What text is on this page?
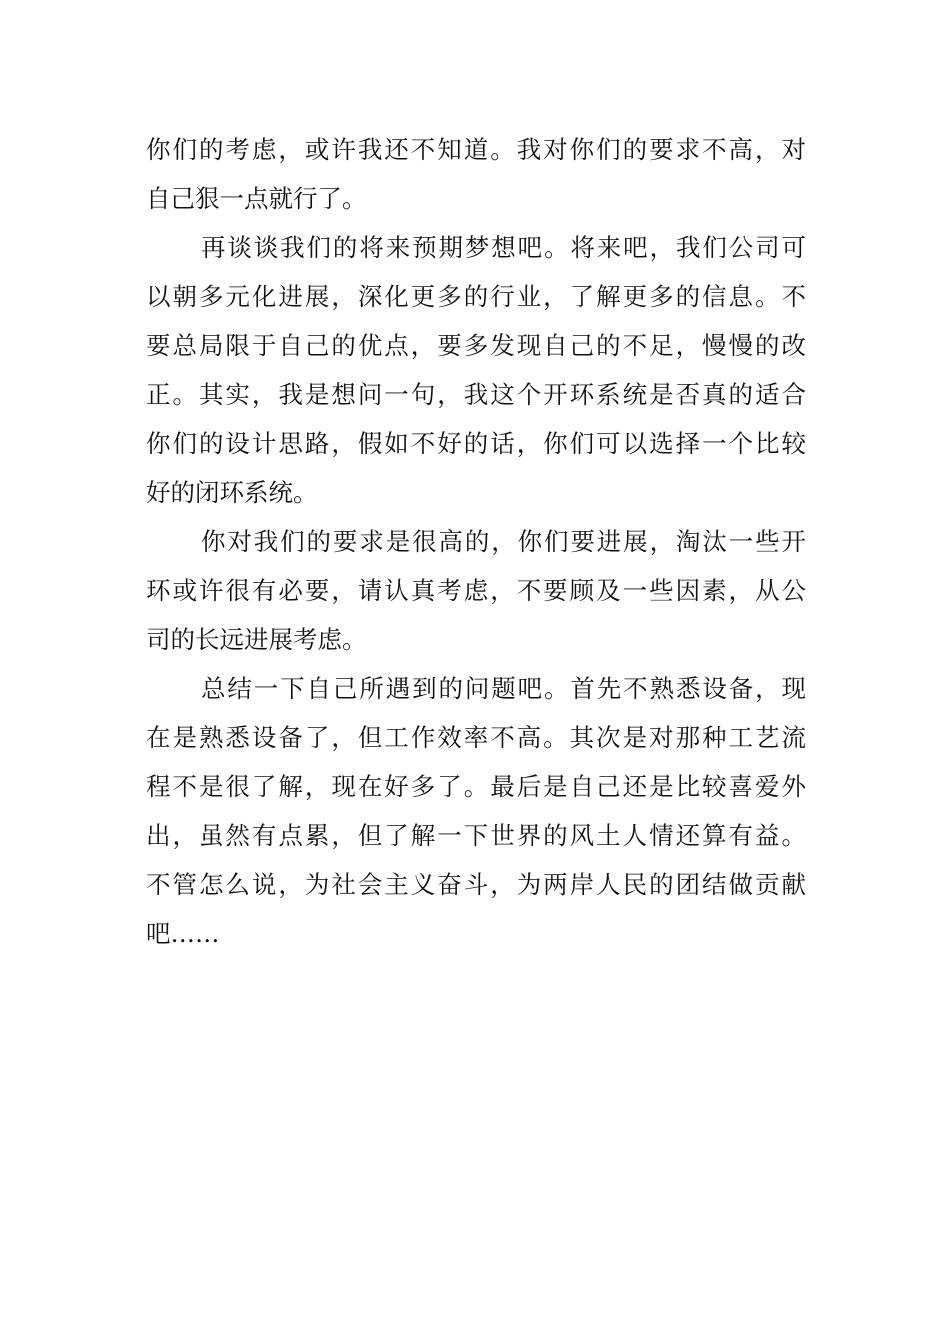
你们的考虑，或许我还不知道。我对你们的要求不高，对
自己狠一点就行了。
再谈谈我们的将来预期梦想吧。将来吧，我们公司可
以朝多元化进展，深化更多的行业，了解更多的信息。不
要总局限于自己的优点，要多发现自己的不足，慢慢的改
正。其实，我是想问一句，我这个开环系统是否真的适合
你们的设计思路，假如不好的话，你们可以选择一个比较
好的闭环系统。
你对我们的要求是很高的，你们要进展，淘汰一些开
环或许很有必要，请认真考虑，不要顾及一些因素，从公
司的长远进展考虑。
总结一下自己所遇到的问题吧。首先不熟悉设备，现
在是熟悉设备了，但工作效率不高。其次是对那种工艺流
程不是很了解，现在好多了。最后是自己还是比较喜爱外
出，虽然有点累，但了解一下世界的风土人情还算有益。
不管怎么说，为社会主义奋斗，为两岸人民的团结做贡献
吧……
